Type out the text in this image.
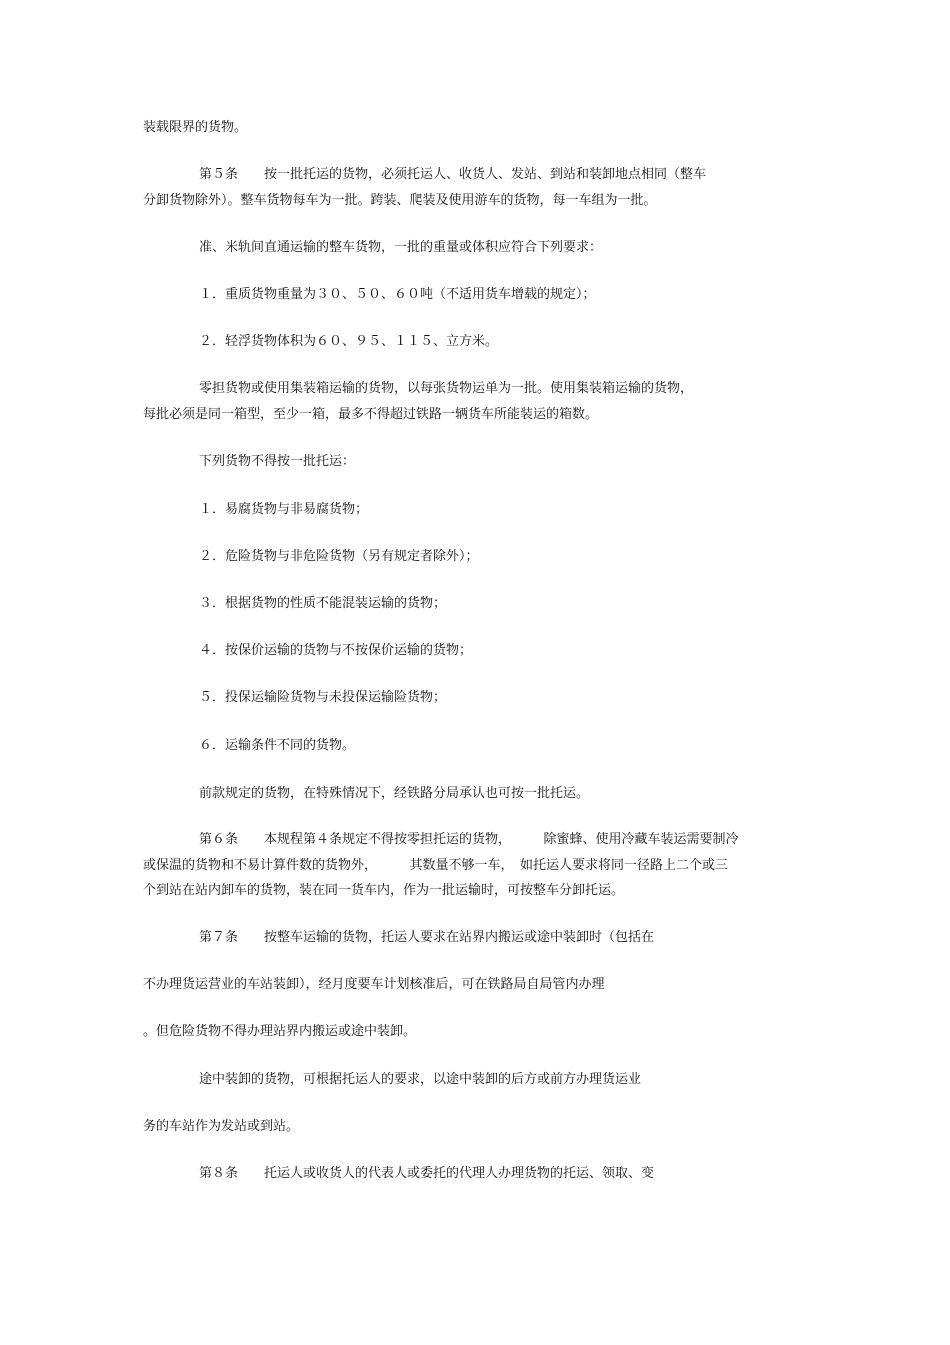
装载限界的货物。
第５条　　按一批托运的货物，必须托运人、收货人、发站、到站和装卸地点相同（整车
分卸货物除外）。整车货物每车为一批。跨装、爬装及使用游车的货物，每一车组为一批。
准、米轨间直通运输的整车货物，一批的重量或体积应符合下列要求：
１．重质货物重量为３０、５０、６０吨（不适用货车增载的规定）；
２．轻浮货物体积为６０、９５、１１５、立方米。
零担货物或使用集装箱运输的货物，以每张货物运单为一批。使用集装箱运输的货物，
每批必须是同一箱型，至少一箱，最多不得超过铁路一辆货车所能装运的箱数。
下列货物不得按一批托运：
１．易腐货物与非易腐货物；
２．危险货物与非危险货物（另有规定者除外）；
３．根据货物的性质不能混装运输的货物；
４．按保价运输的货物与不按保价运输的货物；
５．投保运输险货物与未投保运输险货物；
６．运输条件不同的货物。
前款规定的货物，在特殊情况下，经铁路分局承认也可按一批托运。
第６条　　本规程第４条规定不得按零担托运的货物，　　　除蜜蜂、使用冷藏车装运需要制冷
或保温的货物和不易计算件数的货物外，　　　其数量不够一车，　如托运人要求将同一径路上二个或三
个到站在站内卸车的货物，装在同一货车内，作为一批运输时，可按整车分卸托运。
第７条　　按整车运输的货物，托运人要求在站界内搬运或途中装卸时（包括在
不办理货运营业的车站装卸），经月度要车计划核准后，可在铁路局自局管内办理
。但危险货物不得办理站界内搬运或途中装卸。
途中装卸的货物，可根据托运人的要求，以途中装卸的后方或前方办理货运业
务的车站作为发站或到站。
第８条　　托运人或收货人的代表人或委托的代理人办理货物的托运、领取、变
